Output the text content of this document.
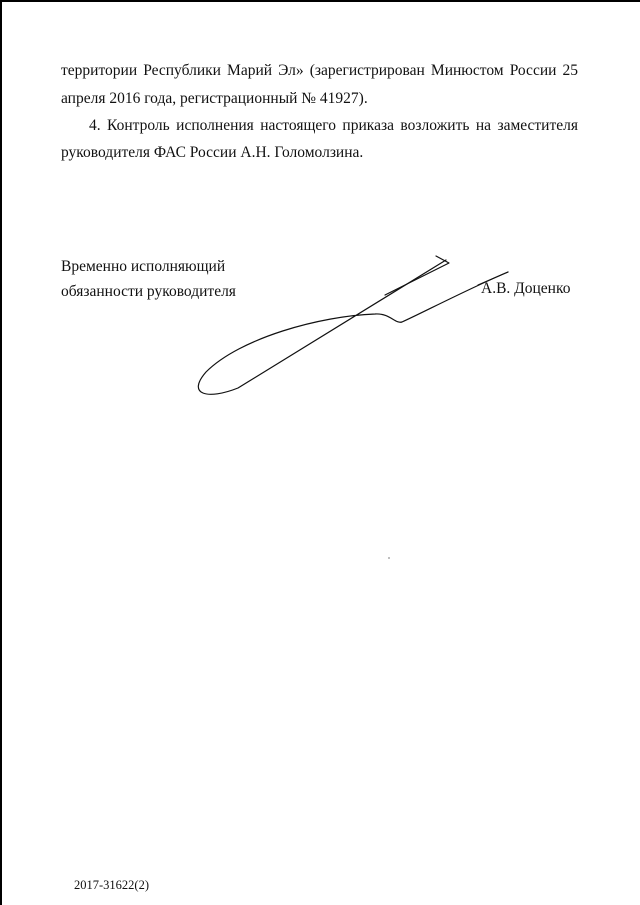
территории Республики Марий Эл» (зарегистрирован Минюстом России 25
апреля 2016 года, регистрационный № 41927).
4. Контроль исполнения настоящего приказа возложить на заместителя
руководителя ФАС России А.Н. Голомолзина.
Временно исполняющий
обязанности руководителя	А.В. Доценко
2017-31622(2)
